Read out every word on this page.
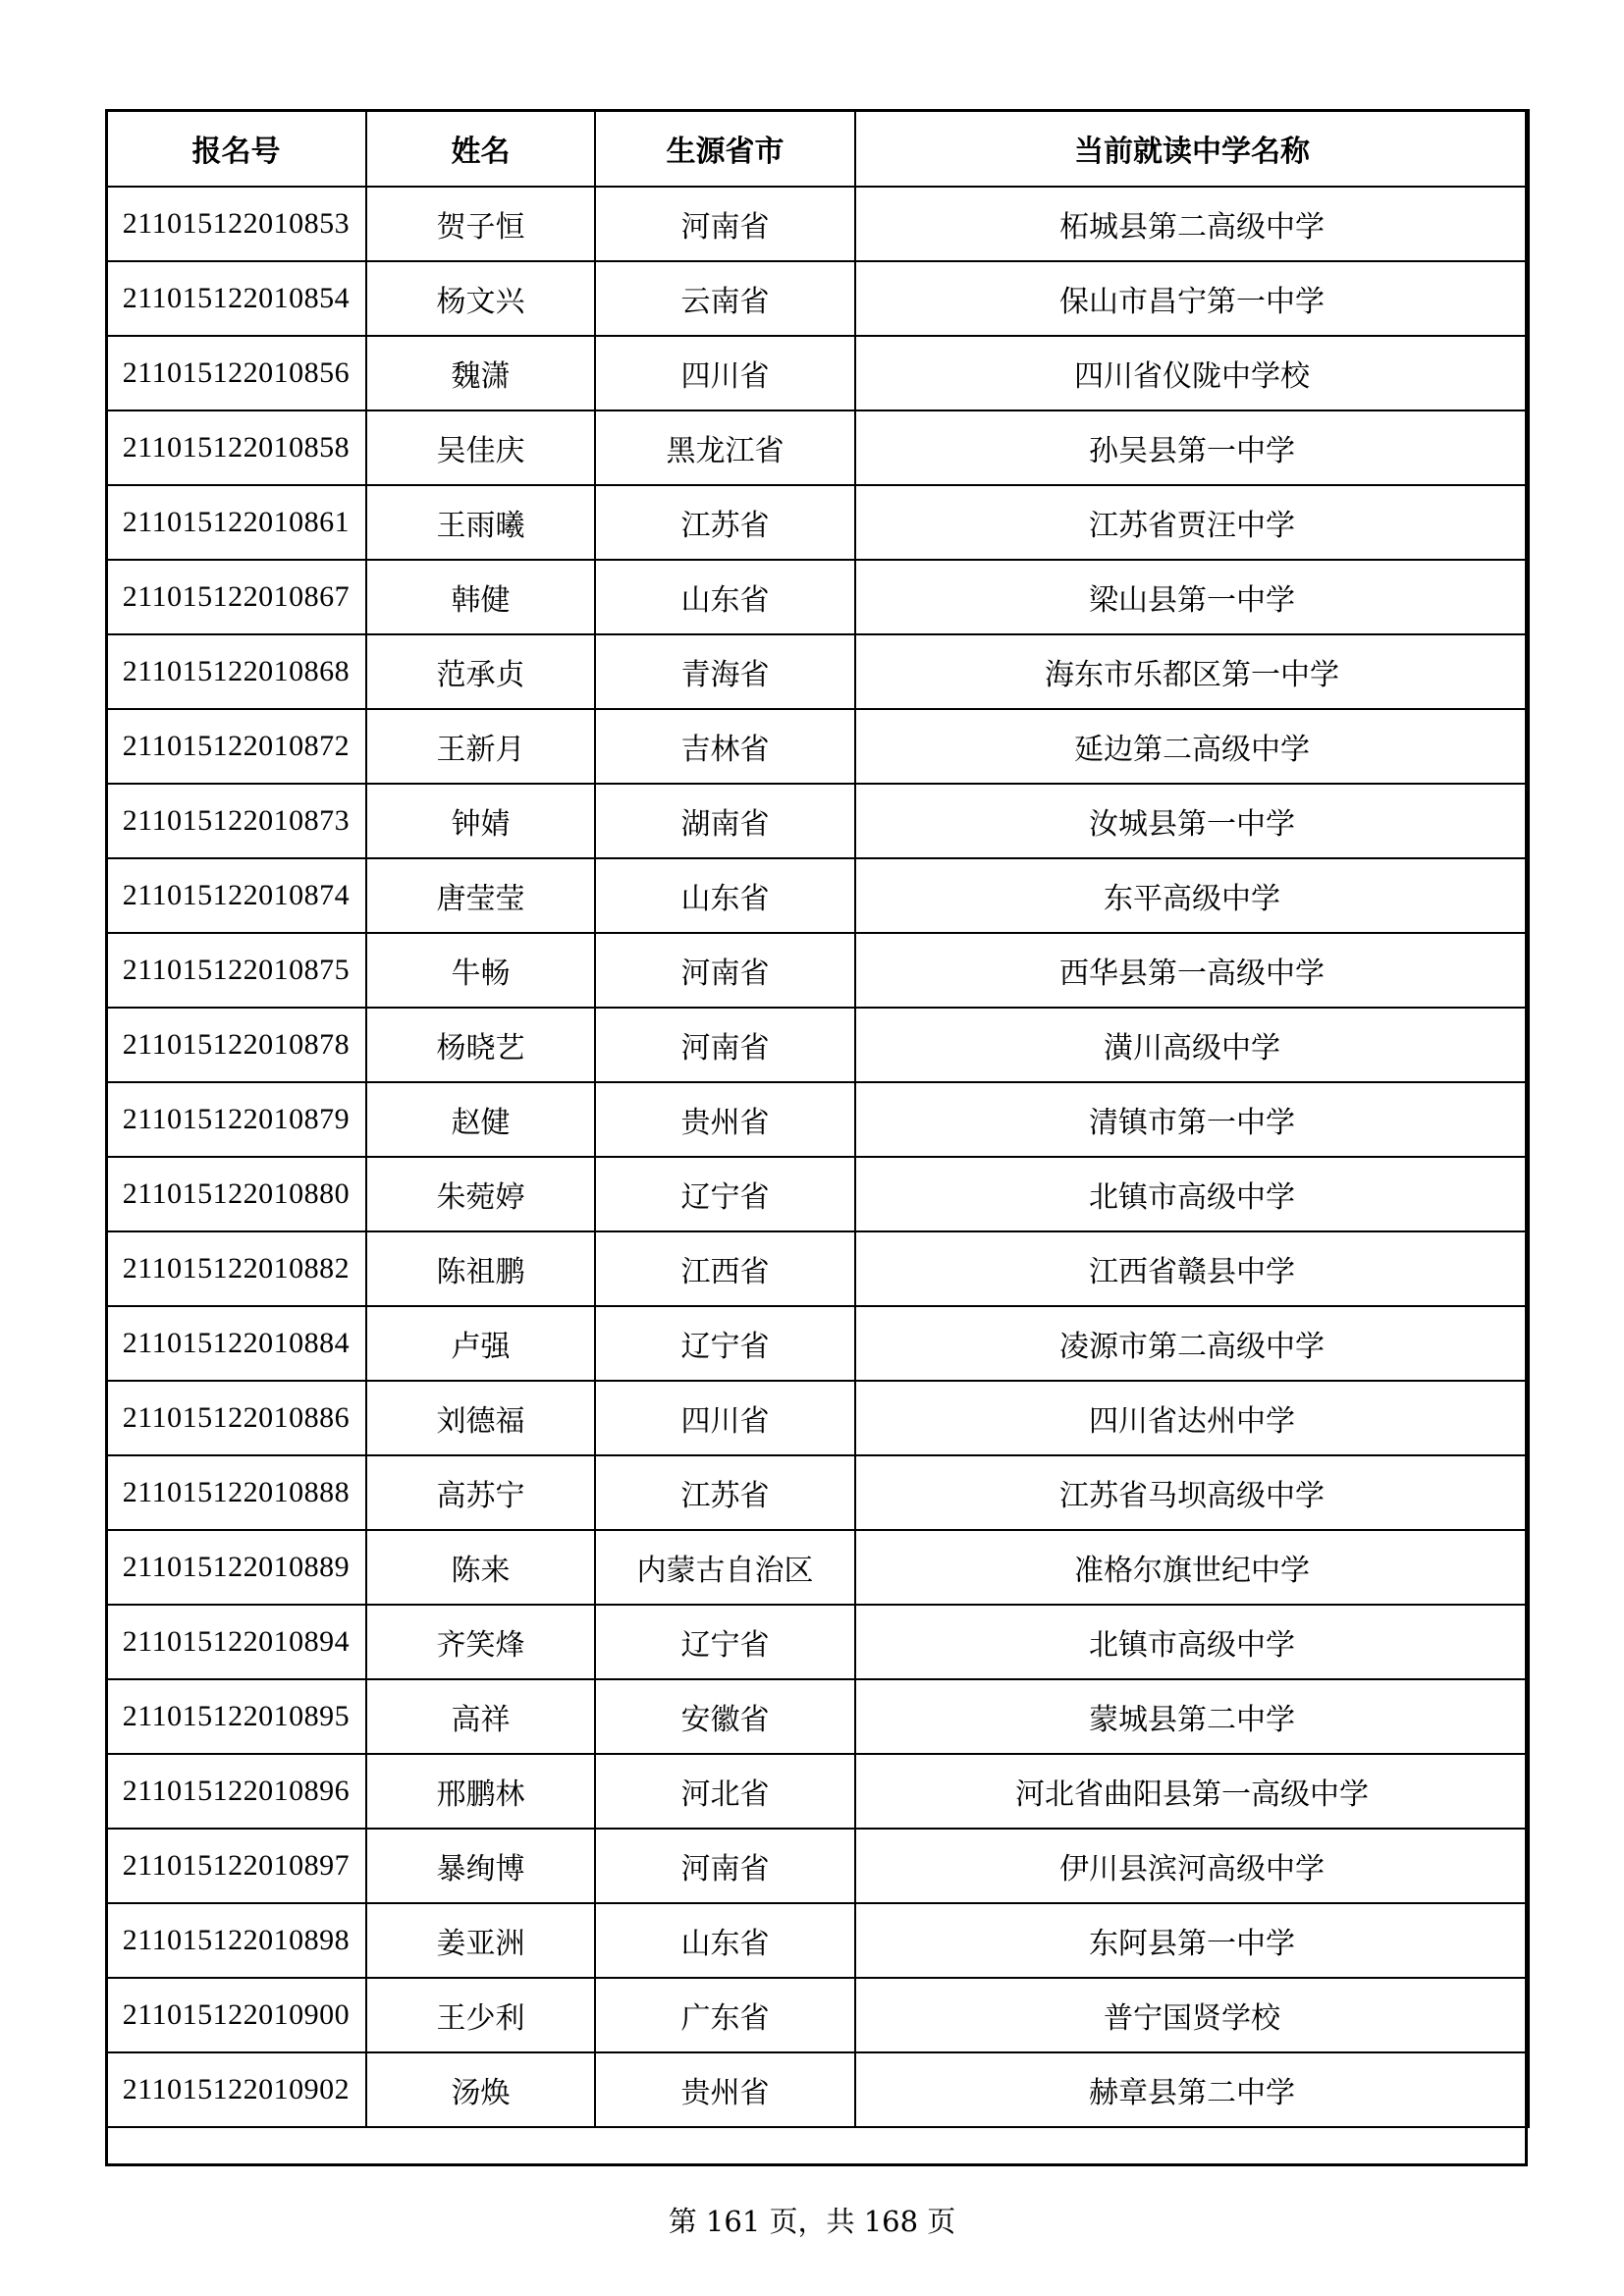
报名号	姓名	生源省市	当前就读中学名称
211015122010853	贺子恒	河南省	柘城县第二高级中学
211015122010854	杨文兴	云南省	保山市昌宁第一中学
211015122010856	魏潇	四川省	四川省仪陇中学校
211015122010858	吴佳庆	黑龙江省	孙吴县第一中学
211015122010861	王雨曦	江苏省	江苏省贾汪中学
211015122010867	韩健	山东省	梁山县第一中学
211015122010868	范承贞	青海省	海东市乐都区第一中学
211015122010872	王新月	吉林省	延边第二高级中学
211015122010873	钟婧	湖南省	汝城县第一中学
211015122010874	唐莹莹	山东省	东平高级中学
211015122010875	牛畅	河南省	西华县第一高级中学
211015122010878	杨晓艺	河南省	潢川高级中学
211015122010879	赵健	贵州省	清镇市第一中学
211015122010880	朱菀婷	辽宁省	北镇市高级中学
211015122010882	陈祖鹏	江西省	江西省赣县中学
211015122010884	卢强	辽宁省	凌源市第二高级中学
211015122010886	刘德福	四川省	四川省达州中学
211015122010888	高苏宁	江苏省	江苏省马坝高级中学
211015122010889	陈来	内蒙古自治区	准格尔旗世纪中学
211015122010894	齐笑烽	辽宁省	北镇市高级中学
211015122010895	高祥	安徽省	蒙城县第二中学
211015122010896	邢鹏林	河北省	河北省曲阳县第一高级中学
211015122010897	暴绚博	河南省	伊川县滨河高级中学
211015122010898	姜亚洲	山东省	东阿县第一中学
211015122010900	王少利	广东省	普宁国贤学校
211015122010902	汤焕	贵州省	赫章县第二中学
第 161 页，共 168 页
